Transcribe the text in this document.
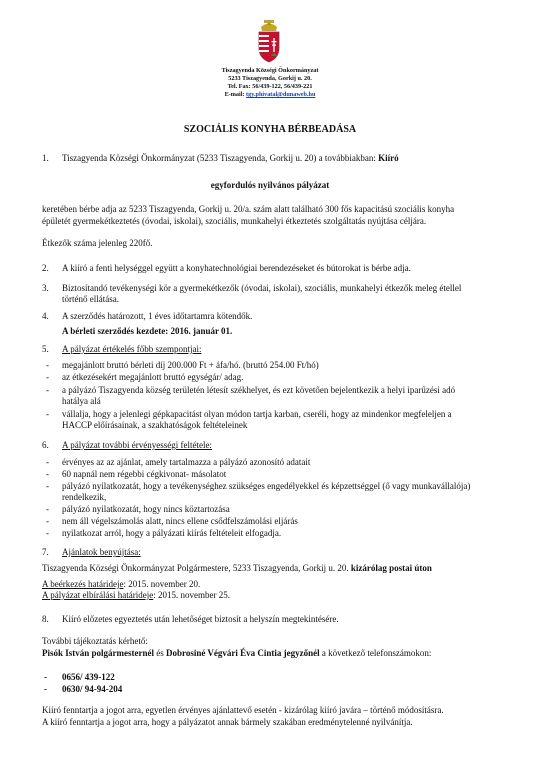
Tiszagyenda Községi Önkormányzat
5233 Tiszagyenda, Gorkij u. 20.
Tel. Fax: 56/439-122, 56/439-221
E-mail: tgy.phivatal@dunaweb.hu
SZOCIÁLIS KONYHA BÉRBEADÁSA
1. Tiszagyenda Községi Önkormányzat (5233 Tiszagyenda, Gorkij u. 20) a továbbiakban: Kiíró
egyfordulós nyilvános pályázat
keretében bérbe adja az 5233 Tiszagyenda, Gorkij u. 20/a. szám alatt található 300 fős kapacitású szociális konyha
épületét gyermekétkeztetés (óvodai, iskolai), szociális, munkahelyi étkeztetés szolgáltatás nyújtása céljára.
Étkezők száma jelenleg 220fő.
2. A kiíró a fenti helységgel együtt a konyhatechnológiai berendezéseket és bútorokat is bérbe adja.
3. Biztosítandó tevékenységi kör a gyermekétkezők (óvodai, iskolai), szociális, munkahelyi étkezők meleg étellel
történő ellátása.
4. A szerződés határozott, 1 éves időtartamra kötendők.
A bérleti szerződés kezdete: 2016. január 01.
5. A pályázat értékelés főbb szempontjai:
- megajánlott bruttó bérleti díj 200.000 Ft + áfa/hó. (bruttó 254.00 Ft/hó)
- az étkezésekért megajánlott bruttó egységár/ adag.
- a pályázó Tiszagyenda község területén létesít székhelyet, és ezt követően bejelentkezik a helyi iparűzési adó
hatálya alá
- vállalja, hogy a jelenlegi gépkapacitást olyan módon tartja karban, cseréli, hogy az mindenkor megfeleljen a
HACCP előírásainak, a szakhatóságok feltételeinek
6. A pályázat további érvényességi feltétele:
- érvényes az az ajánlat, amely tartalmazza a pályázó azonosító adatait
- 60 napnál nem régebbi cégkivonat- másolatot
- pályázó nyilatkozatát, hogy a tevékenységhez szükséges engedélyekkel és képzettséggel (ő vagy munkavállalója)
rendelkezik,
- pályázó nyilatkozatát, hogy nincs köztartozása
- nem áll végelszámolás alatt, nincs ellene csődfelszámolási eljárás
- nyilatkozat arról, hogy a pályázati kiírás feltételeit elfogadja.
7. Ajánlatok benyújtása:
Tiszagyenda Községi Önkormányzat Polgármestere, 5233 Tiszagyenda, Gorkij u. 20. kizárólag postai úton
A beérkezés határideje: 2015. november 20.
A pályázat elbírálási határideje: 2015. november 25.
8. Kiíró előzetes egyeztetés után lehetőséget biztosít a helyszín megtekintésére.
További tájékoztatás kérhető:
Pisók István polgármesternél és Dobrosiné Végvári Éva Cintia jegyzőnél a következő telefonszámokon:
- 0656/ 439-122
- 0630/ 94-94-204
Kiíró fenntartja a jogot arra, egyetlen érvényes ajánlattevő esetén - kizárólag kiíró javára – történő módosításra.
A kiíró fenntartja a jogot arra, hogy a pályázatot annak bármely szakában eredménytelenné nyilvánítja.
